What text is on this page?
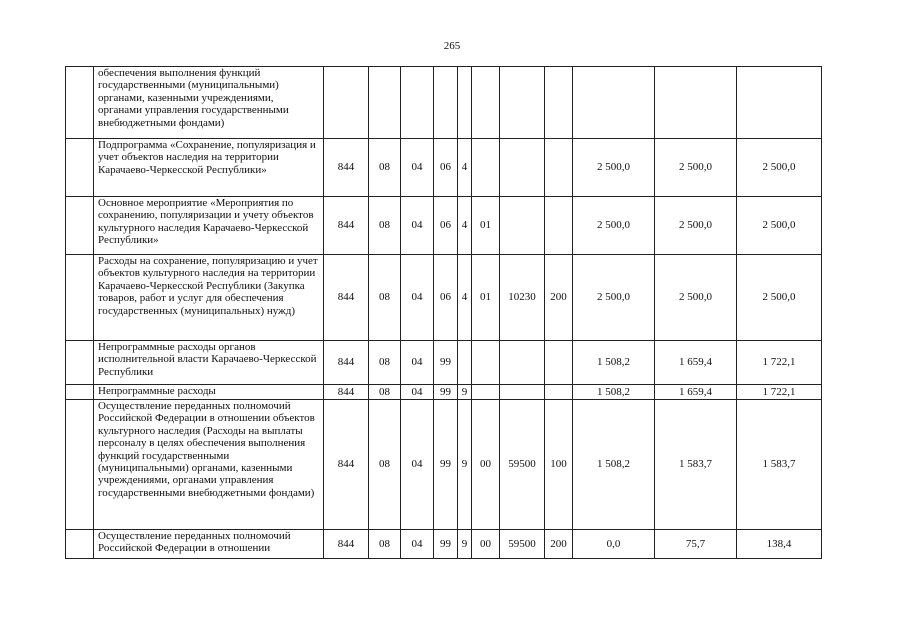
265
	обеспечения выполнения функций государственными (муниципальными) органами, казенными учреждениями, органами управления государственными внебюджетными фондами)											
	Подпрограмма «Сохранение, популяризация и учет объектов наследия на территории Карачаево-Черкесской Республики»	844	08	04	06	4				2 500,0	2 500,0	2 500,0
	Основное мероприятие «Мероприятия по сохранению, популяризации и учету объектов культурного наследия Карачаево-Черкесской Республики»	844	08	04	06	4	01			2 500,0	2 500,0	2 500,0
	Расходы на сохранение, популяризацию и учет объектов культурного наследия на территории Карачаево-Черкесской Республики (Закупка товаров, работ и услуг для обеспечения государственных (муниципальных) нужд)	844	08	04	06	4	01	10230	200	2 500,0	2 500,0	2 500,0
	Непрограммные расходы органов исполнительной власти Карачаево-Черкесской Республики	844	08	04	99					1 508,2	1 659,4	1 722,1
	Непрограммные расходы	844	08	04	99	9				1 508,2	1 659,4	1 722,1
	Осуществление переданных полномочий Российской Федерации в отношении объектов культурного наследия (Расходы на выплаты персоналу в целях обеспечения выполнения функций государственными (муниципальными) органами, казенными учреждениями, органами управления государственными внебюджетными фондами)	844	08	04	99	9	00	59500	100	1 508,2	1 583,7	1 583,7
	Осуществление переданных полномочий Российской Федерации в отношении	844	08	04	99	9	00	59500	200	0,0	75,7	138,4
